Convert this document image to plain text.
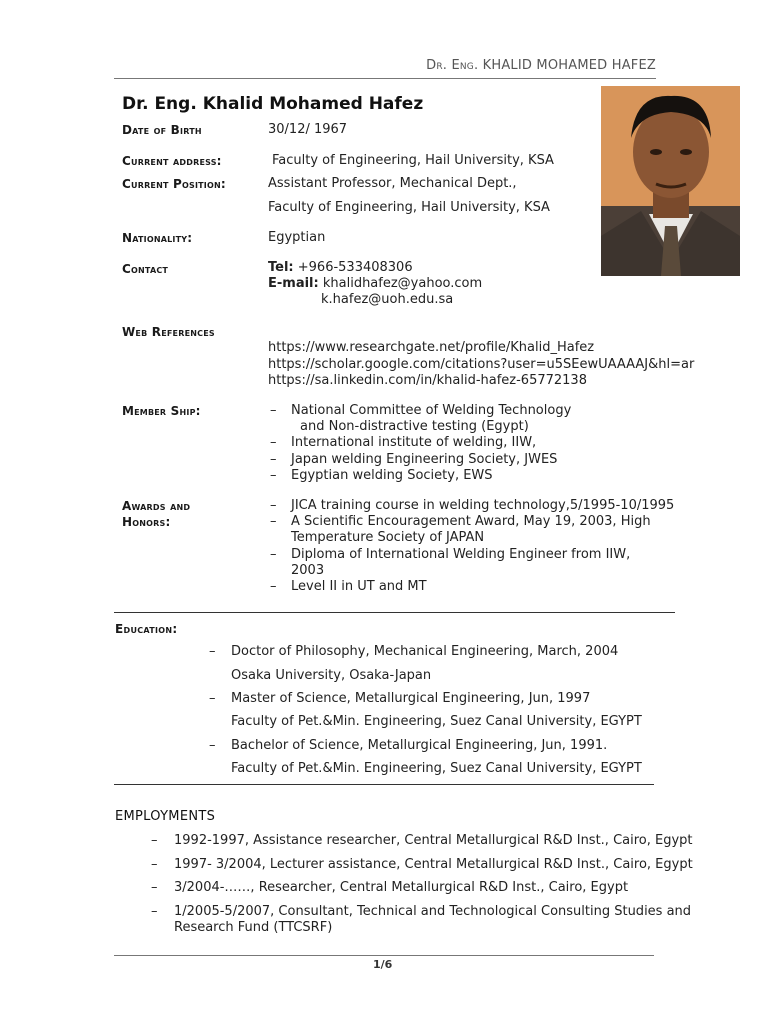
Dr. Eng. KHALID MOHAMED HAFEZ
Dr. Eng. Khalid Mohamed Hafez
Date of Birth	30/12/ 1967
Current address:	Faculty of Engineering, Hail University, KSA
Current Position:	Assistant Professor, Mechanical Dept.,
Faculty of Engineering, Hail University, KSA
Nationality:	Egyptian
Contact	Tel: +966-533408306
E-mail: khalidhafez@yahoo.com
k.hafez@uoh.edu.sa
Web References
https://www.researchgate.net/profile/Khalid_Hafez
https://scholar.google.com/citations?user=u5SEewUAAAAJ&hl=ar
https://sa.linkedin.com/in/khalid-hafez-65772138
Member Ship:	– National Committee of Welding Technology
and Non-distractive testing (Egypt)
– International institute of welding, IIW,
– Japan welding Engineering Society, JWES
– Egyptian welding Society, EWS
Awards and
Honors:
– JICA training course in welding technology,5/1995-10/1995
– A Scientific Encouragement Award, May 19, 2003, High
Temperature Society of JAPAN
– Diploma of International Welding Engineer from IIW,
2003
– Level II in UT and MT
Education:
– Doctor of Philosophy, Mechanical Engineering, March, 2004
Osaka University, Osaka-Japan
– Master of Science, Metallurgical Engineering, Jun, 1997
Faculty of Pet.&Min. Engineering, Suez Canal University, EGYPT
– Bachelor of Science, Metallurgical Engineering, Jun, 1991.
Faculty of Pet.&Min. Engineering, Suez Canal University, EGYPT
EMPLOYMENTS
– 1992-1997, Assistance researcher, Central Metallurgical R&D Inst., Cairo, Egypt
– 1997- 3/2004, Lecturer assistance, Central Metallurgical R&D Inst., Cairo, Egypt
– 3/2004-……, Researcher, Central Metallurgical R&D Inst., Cairo, Egypt
– 1/2005-5/2007, Consultant, Technical and Technological Consulting Studies and
Research Fund (TTCSRF)
1/6
